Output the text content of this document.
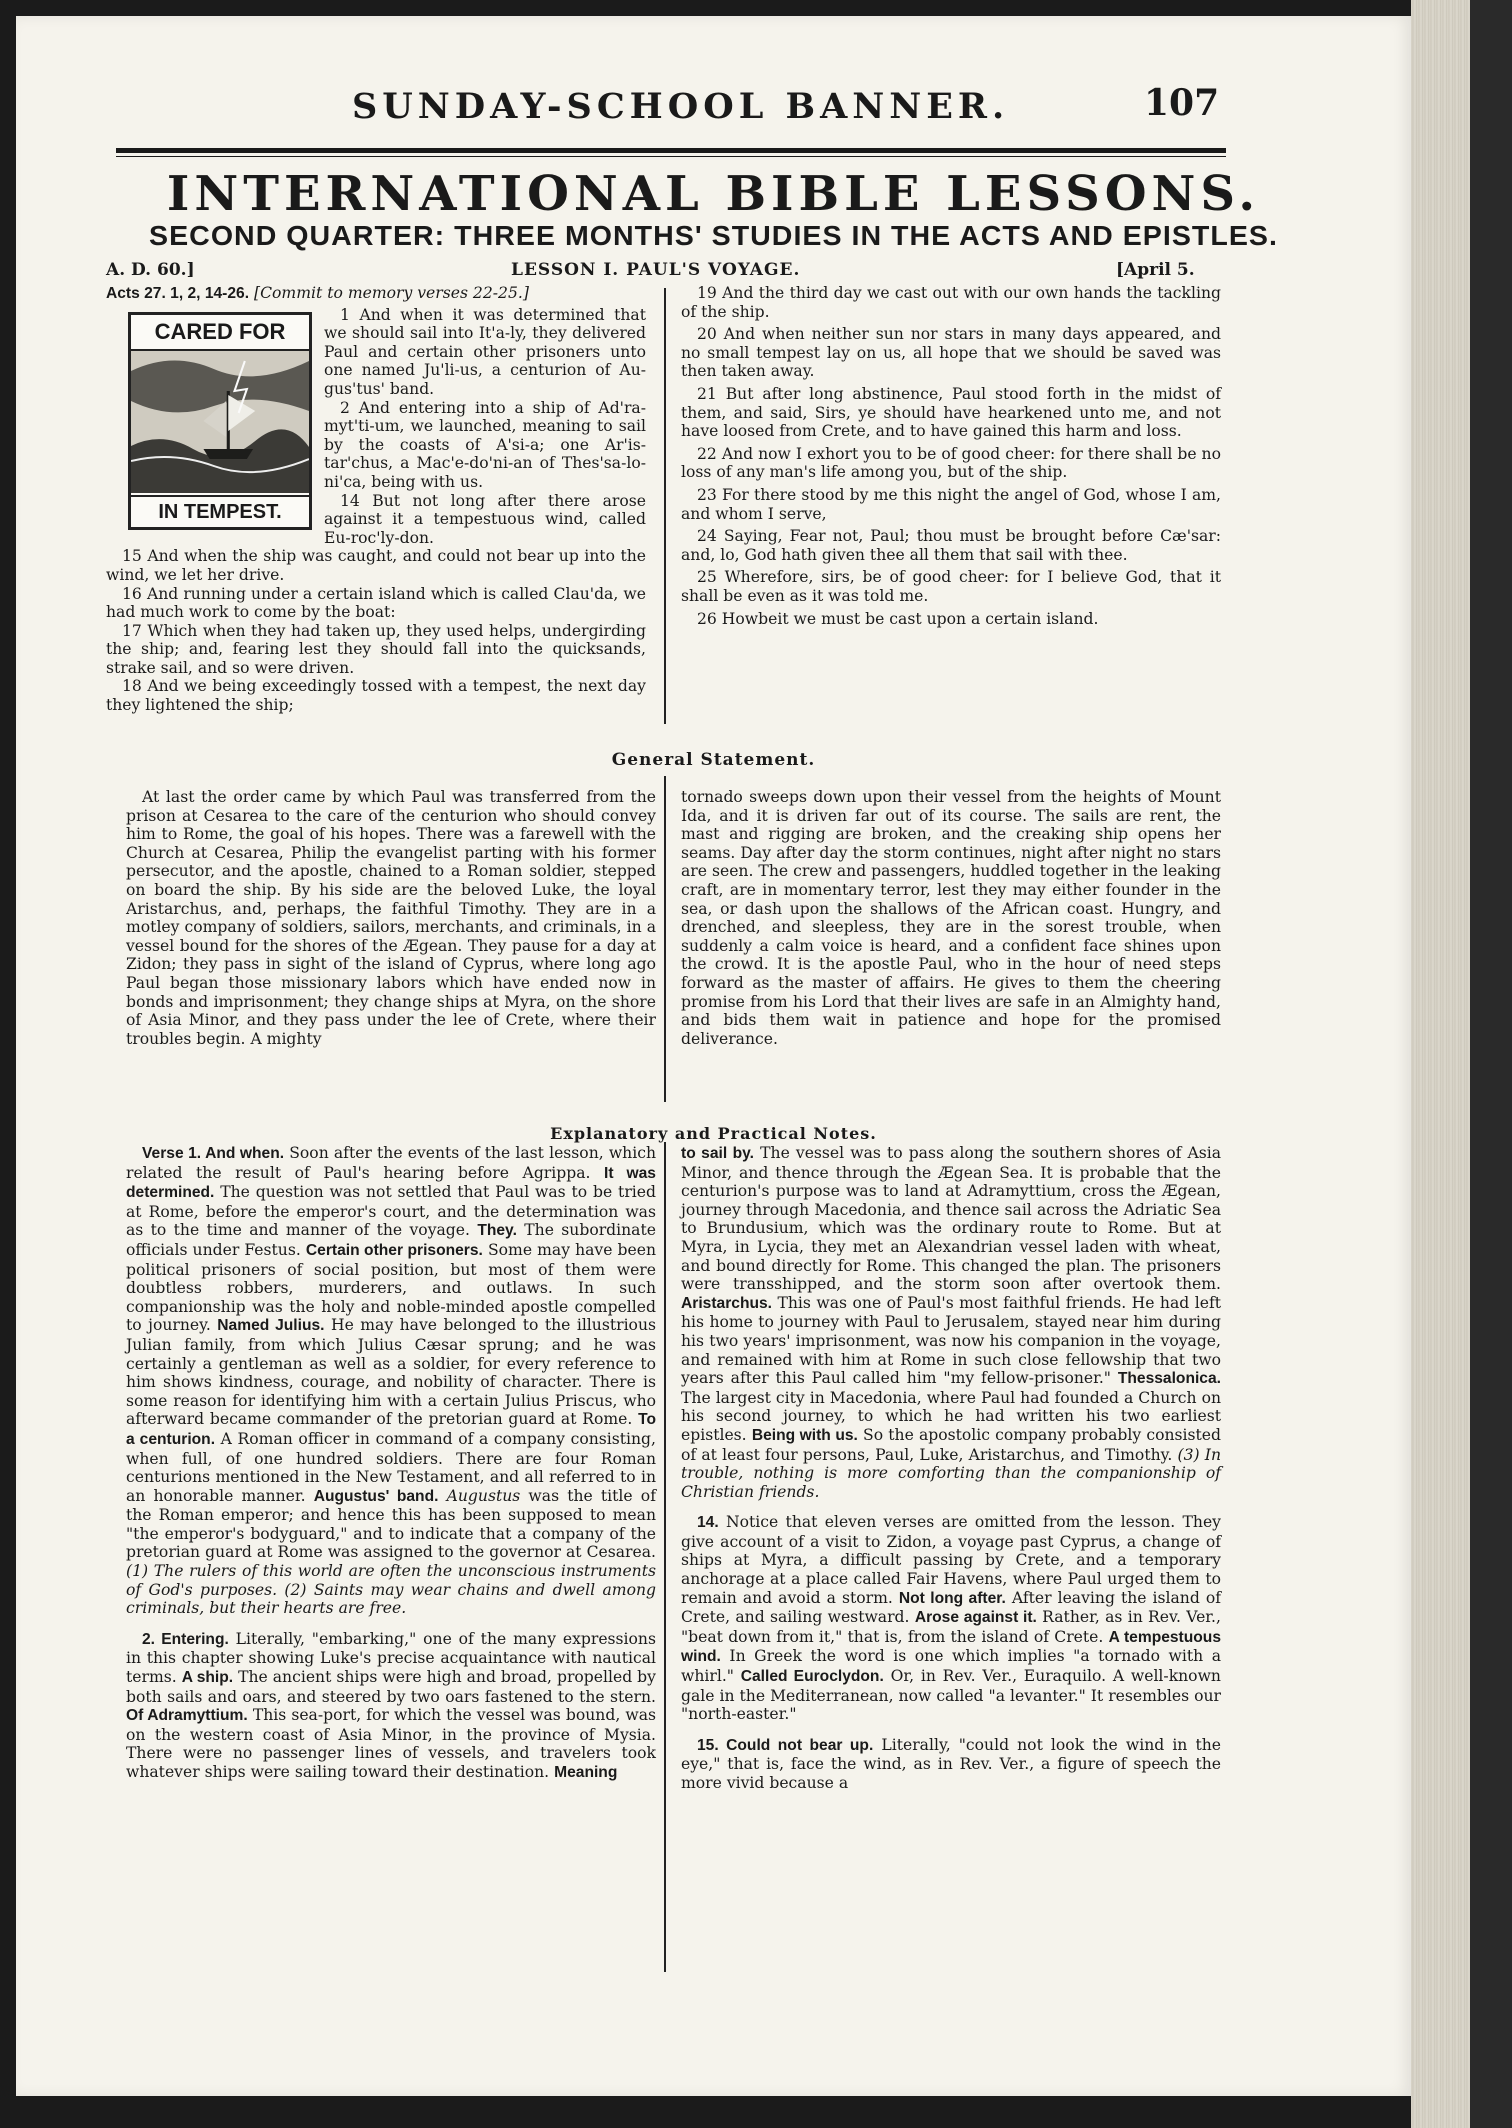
SUNDAY-SCHOOL BANNER.	107
INTERNATIONAL BIBLE LESSONS.
SECOND QUARTER: THREE MONTHS' STUDIES IN THE ACTS AND EPISTLES.
A. D. 60.]	LESSON I. PAUL'S VOYAGE.	[April 5.

Acts 27. 1, 2, 14-26. [Commit to memory verses 22-25.]

CARED FOR
IN TEMPEST.

1 And when it was determined that we should sail into It'a-ly, they delivered Paul and certain other prisoners unto one named Ju'li-us, a centurion of Au-gus'tus' band.

2 And entering into a ship of Ad'ra-myt'ti-um, we launched, meaning to sail by the coasts of A'si-a; one Ar'is-tar'chus, a Mac'e-do'ni-an of Thes'sa-lo-ni'ca, being with us.

14 But not long after there arose against it a tempestuous wind, called Eu-roc'ly-don.

15 And when the ship was caught, and could not bear up into the wind, we let her drive.

16 And running under a certain island which is called Clau'da, we had much work to come by the boat:

17 Which when they had taken up, they used helps, undergirding the ship; and, fearing lest they should fall into the quicksands, strake sail, and so were driven.

18 And we being exceedingly tossed with a tempest, the next day they lightened the ship;

19 And the third day we cast out with our own hands the tackling of the ship.

20 And when neither sun nor stars in many days appeared, and no small tempest lay on us, all hope that we should be saved was then taken away.

21 But after long abstinence, Paul stood forth in the midst of them, and said, Sirs, ye should have hearkened unto me, and not have loosed from Crete, and to have gained this harm and loss.

22 And now I exhort you to be of good cheer: for there shall be no loss of any man's life among you, but of the ship.

23 For there stood by me this night the angel of God, whose I am, and whom I serve,

24 Saying, Fear not, Paul; thou must be brought before Cæ'sar: and, lo, God hath given thee all them that sail with thee.

25 Wherefore, sirs, be of good cheer: for I believe God, that it shall be even as it was told me.

26 Howbeit we must be cast upon a certain island.

General Statement.

At last the order came by which Paul was transferred from the prison at Cesarea to the care of the centurion who should convey him to Rome, the goal of his hopes. There was a farewell with the Church at Cesarea, Philip the evangelist parting with his former persecutor, and the apostle, chained to a Roman soldier, stepped on board the ship. By his side are the beloved Luke, the loyal Aristarchus, and, perhaps, the faithful Timothy. They are in a motley company of soldiers, sailors, merchants, and criminals, in a vessel bound for the shores of the Ægean. They pause for a day at Zidon; they pass in sight of the island of Cyprus, where long ago Paul began those missionary labors which have ended now in bonds and imprisonment; they change ships at Myra, on the shore of Asia Minor, and they pass under the lee of Crete, where their troubles begin. A mighty

tornado sweeps down upon their vessel from the heights of Mount Ida, and it is driven far out of its course. The sails are rent, the mast and rigging are broken, and the creaking ship opens her seams. Day after day the storm continues, night after night no stars are seen. The crew and passengers, huddled together in the leaking craft, are in momentary terror, lest they may either founder in the sea, or dash upon the shallows of the African coast. Hungry, and drenched, and sleepless, they are in the sorest trouble, when suddenly a calm voice is heard, and a confident face shines upon the crowd. It is the apostle Paul, who in the hour of need steps forward as the master of affairs. He gives to them the cheering promise from his Lord that their lives are safe in an Almighty hand, and bids them wait in patience and hope for the promised deliverance.

Explanatory and Practical Notes.

Verse 1. And when. Soon after the events of the last lesson, which related the result of Paul's hearing before Agrippa. It was determined. The question was not settled that Paul was to be tried at Rome, before the emperor's court, and the determination was as to the time and manner of the voyage. They. The subordinate officials under Festus. Certain other prisoners. Some may have been political prisoners of social position, but most of them were doubtless robbers, murderers, and outlaws. In such companionship was the holy and noble-minded apostle compelled to journey. Named Julius. He may have belonged to the illustrious Julian family, from which Julius Cæsar sprung; and he was certainly a gentleman as well as a soldier, for every reference to him shows kindness, courage, and nobility of character. There is some reason for identifying him with a certain Julius Priscus, who afterward became commander of the pretorian guard at Rome. To a centurion. A Roman officer in command of a company consisting, when full, of one hundred soldiers. There are four Roman centurions mentioned in the New Testament, and all referred to in an honorable manner. Augustus' band. Augustus was the title of the Roman emperor; and hence this has been supposed to mean "the emperor's bodyguard," and to indicate that a company of the pretorian guard at Rome was assigned to the governor at Cesarea. (1) The rulers of this world are often the unconscious instruments of God's purposes. (2) Saints may wear chains and dwell among criminals, but their hearts are free.

2. Entering. Literally, "embarking," one of the many expressions in this chapter showing Luke's precise acquaintance with nautical terms. A ship. The ancient ships were high and broad, propelled by both sails and oars, and steered by two oars fastened to the stern. Of Adramyttium. This sea-port, for which the vessel was bound, was on the western coast of Asia Minor, in the province of Mysia. There were no passenger lines of vessels, and travelers took whatever ships were sailing toward their destination. Meaning

to sail by. The vessel was to pass along the southern shores of Asia Minor, and thence through the Ægean Sea. It is probable that the centurion's purpose was to land at Adramyttium, cross the Ægean, journey through Macedonia, and thence sail across the Adriatic Sea to Brundusium, which was the ordinary route to Rome. But at Myra, in Lycia, they met an Alexandrian vessel laden with wheat, and bound directly for Rome. This changed the plan. The prisoners were transshipped, and the storm soon after overtook them. Aristarchus. This was one of Paul's most faithful friends. He had left his home to journey with Paul to Jerusalem, stayed near him during his two years' imprisonment, was now his companion in the voyage, and remained with him at Rome in such close fellowship that two years after this Paul called him "my fellow-prisoner." Thessalonica. The largest city in Macedonia, where Paul had founded a Church on his second journey, to which he had written his two earliest epistles. Being with us. So the apostolic company probably consisted of at least four persons, Paul, Luke, Aristarchus, and Timothy. (3) In trouble, nothing is more comforting than the companionship of Christian friends.

14. Notice that eleven verses are omitted from the lesson. They give account of a visit to Zidon, a voyage past Cyprus, a change of ships at Myra, a difficult passing by Crete, and a temporary anchorage at a place called Fair Havens, where Paul urged them to remain and avoid a storm. Not long after. After leaving the island of Crete, and sailing westward. Arose against it. Rather, as in Rev. Ver., "beat down from it," that is, from the island of Crete. A tempestuous wind. In Greek the word is one which implies "a tornado with a whirl." Called Euroclydon. Or, in Rev. Ver., Euraquilo. A well-known gale in the Mediterranean, now called "a levanter." It resembles our "north-easter."

15. Could not bear up. Literally, "could not look the wind in the eye," that is, face the wind, as in Rev. Ver., a figure of speech the more vivid because a
